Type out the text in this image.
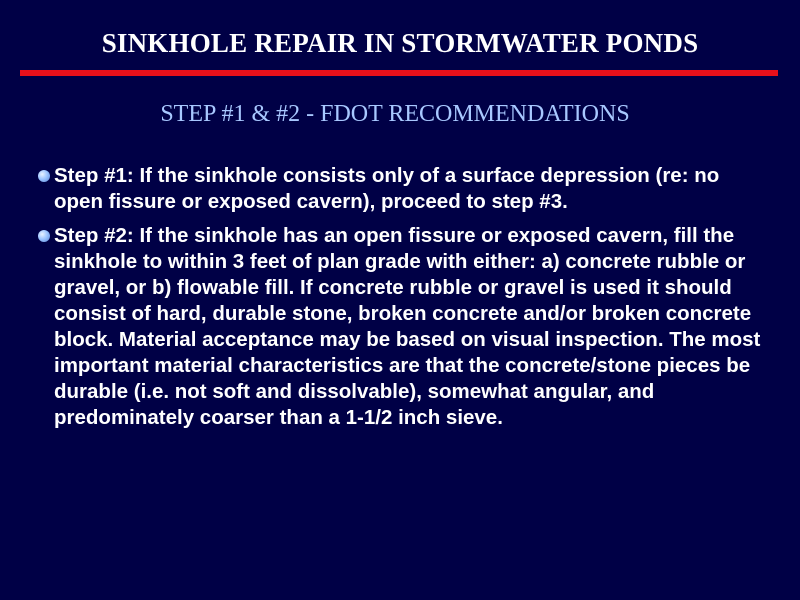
SINKHOLE REPAIR IN STORMWATER PONDS
STEP #1 & #2 - FDOT RECOMMENDATIONS
Step #1: If the sinkhole consists only of a surface depression (re: no open fissure or exposed cavern), proceed to step #3.
Step #2: If the sinkhole has an open fissure or exposed cavern, fill the sinkhole to within 3 feet of plan grade with either: a) concrete rubble or gravel, or b) flowable fill. If concrete rubble or gravel is used it should consist of hard, durable stone, broken concrete and/or broken concrete block. Material acceptance may be based on visual inspection. The most important material characteristics are that the concrete/stone pieces be durable (i.e. not soft and dissolvable), somewhat angular, and predominately coarser than a 1-1/2 inch sieve.
